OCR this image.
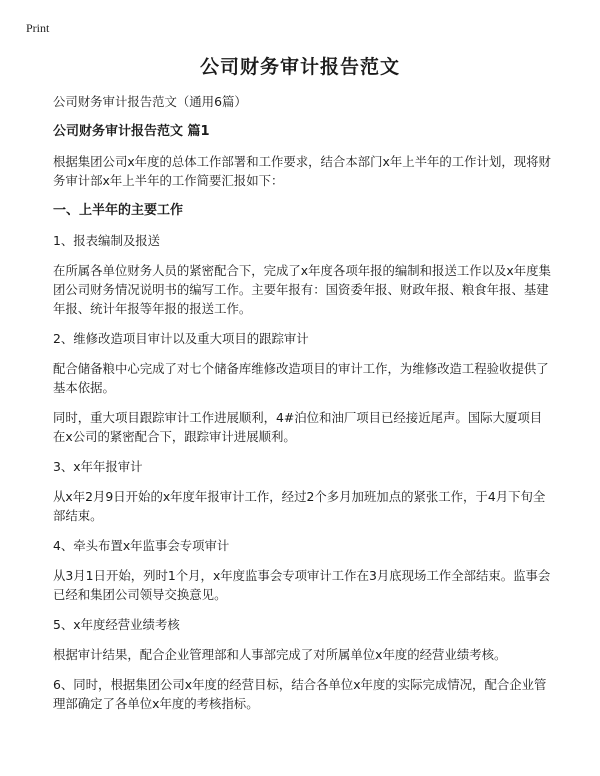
Print
公司财务审计报告范文

公司财务审计报告范文（通用6篇）

公司财务审计报告范文 篇1

根据集团公司x年度的总体工作部署和工作要求，结合本部门x年上半年的工作计划，现将财务审计部x年上半年的工作简要汇报如下：

一、上半年的主要工作

1、报表编制及报送

在所属各单位财务人员的紧密配合下，完成了x年度各项年报的编制和报送工作以及x年度集团公司财务情况说明书的编写工作。主要年报有：国资委年报、财政年报、粮食年报、基建年报、统计年报等年报的报送工作。

2、维修改造项目审计以及重大项目的跟踪审计

配合储备粮中心完成了对七个储备库维修改造项目的审计工作，为维修改造工程验收提供了基本依据。

同时，重大项目跟踪审计工作进展顺利，4#泊位和油厂项目已经接近尾声。国际大厦项目在x公司的紧密配合下，跟踪审计进展顺利。

3、x年年报审计

从x年2月9日开始的x年度年报审计工作，经过2个多月加班加点的紧张工作，于4月下旬全部结束。

4、牵头布置x年监事会专项审计

从3月1日开始，列时1个月，x年度监事会专项审计工作在3月底现场工作全部结束。监事会已经和集团公司领导交换意见。

5、x年度经营业绩考核

根据审计结果，配合企业管理部和人事部完成了对所属单位x年度的经营业绩考核。

6、同时，根据集团公司x年度的经营目标，结合各单位x年度的实际完成情况，配合企业管理部确定了各单位x年度的考核指标。
